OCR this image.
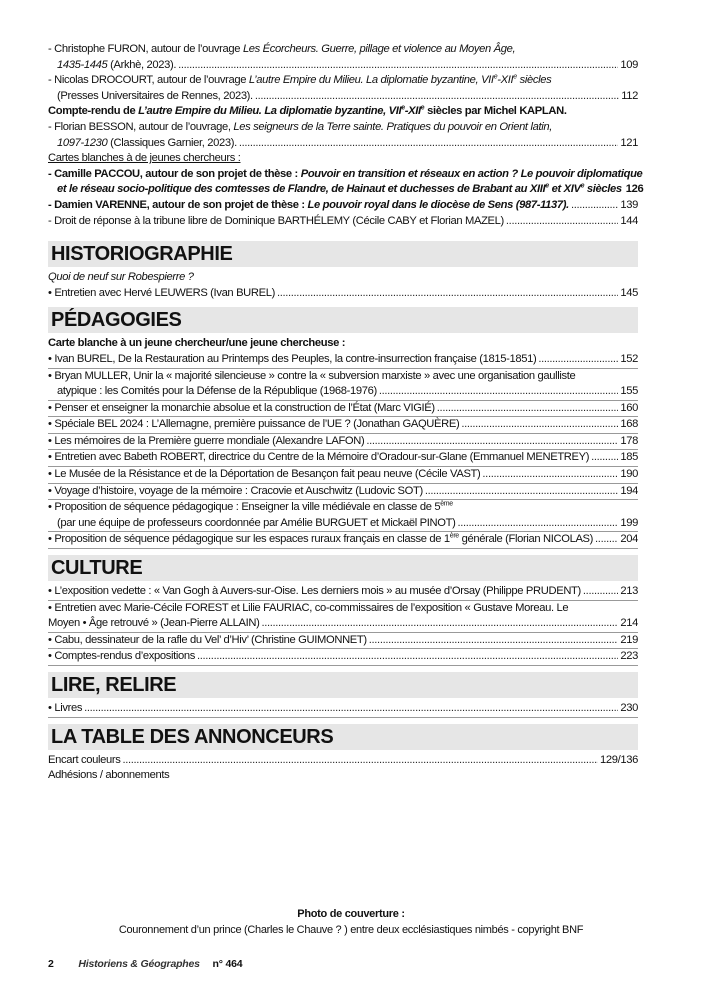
- Christophe FURON, autour de l’ouvrage Les Écorcheurs. Guerre, pillage et violence au Moyen Âge,
1435-1445 (Arkhè, 2023). .....	109
- Nicolas DROCOURT, autour de l’ouvrage L’autre Empire du Milieu. La diplomatie byzantine, VIIe-XIIe siècles
(Presses Universitaires de Rennes, 2023). .....	112
Compte-rendu de L’autre Empire du Milieu. La diplomatie byzantine, VIIe-XIIe siècles par Michel KAPLAN.
- Florian BESSON, autour de l’ouvrage, Les seigneurs de la Terre sainte. Pratiques du pouvoir en Orient latin,
1097-1230 (Classiques Garnier, 2023). .....	121
Cartes blanches à de jeunes chercheurs :
- Camille PACCOU, autour de son projet de thèse : Pouvoir en transition et réseaux en action ? Le pouvoir diplomatique
et le réseau socio-politique des comtesses de Flandre, de Hainaut et duchesses de Brabant au XIIIe et XIVe siècles 126
- Damien VARENNE, autour de son projet de thèse : Le pouvoir royal dans le diocèse de Sens (987-1137). .....	139
- Droit de réponse à la tribune libre de Dominique BARTHÉLEMY (Cécile CABY et Florian MAZEL) .....	144
HISTORIOGRAPHIE
Quoi de neuf sur Robespierre ?
• Entretien avec Hervé LEUWERS (Ivan BUREL) .....	145
PÉDAGOGIES
Carte blanche à un jeune chercheur/une jeune chercheuse :
• Ivan BUREL, De la Restauration au Printemps des Peuples, la contre-insurrection française (1815-1851) .....	152
• Bryan MULLER, Unir la « majorité silencieuse » contre la « subversion marxiste » avec une organisation gaulliste
atypique : les Comités pour la Défense de la République (1968-1976) .....	155
• Penser et enseigner la monarchie absolue et la construction de l’État (Marc VIGIÉ) .....	160
• Spéciale BEL 2024 : L’Allemagne, première puissance de l’UE ? (Jonathan GAQUÈRE) .....	168
• Les mémoires de la Première guerre mondiale (Alexandre LAFON) .....	178
• Entretien avec Babeth ROBERT, directrice du Centre de la Mémoire d’Oradour-sur-Glane (Emmanuel MENETREY) .....	185
• Le Musée de la Résistance et de la Déportation de Besançon fait peau neuve (Cécile VAST) .....	190
• Voyage d’histoire, voyage de la mémoire : Cracovie et Auschwitz (Ludovic SOT) .....	194
• Proposition de séquence pédagogique : Enseigner la ville médiévale en classe de 5ème
(par une équipe de professeurs coordonnée par Amélie BURGUET et Mickaël PINOT) .....	199
• Proposition de séquence pédagogique sur les espaces ruraux français en classe de 1ère générale (Florian NICOLAS) ..... 204
CULTURE
• L’exposition vedette : « Van Gogh à Auvers-sur-Oise. Les derniers mois » au musée d’Orsay (Philippe PRUDENT) .....	213
• Entretien avec Marie-Cécile FOREST et Lilie FAURIAC, co-commissaires de l’exposition « Gustave Moreau. Le
Moyen • Âge retrouvé » (Jean-Pierre ALLAIN) .....	214
• Cabu, dessinateur de la rafle du Vel’ d’Hiv’ (Christine GUIMONNET) .....	219
• Comptes-rendus d’expositions .....	223
LIRE, RELIRE
• Livres .....	230
LA TABLE DES ANNONCEURS
Encart couleurs .....	129/136
Adhésions / abonnements
Photo de couverture :
Couronnement d’un prince (Charles le Chauve ? ) entre deux ecclésiastiques nimbés - copyright BNF
2 Historiens & Géographes n° 464
